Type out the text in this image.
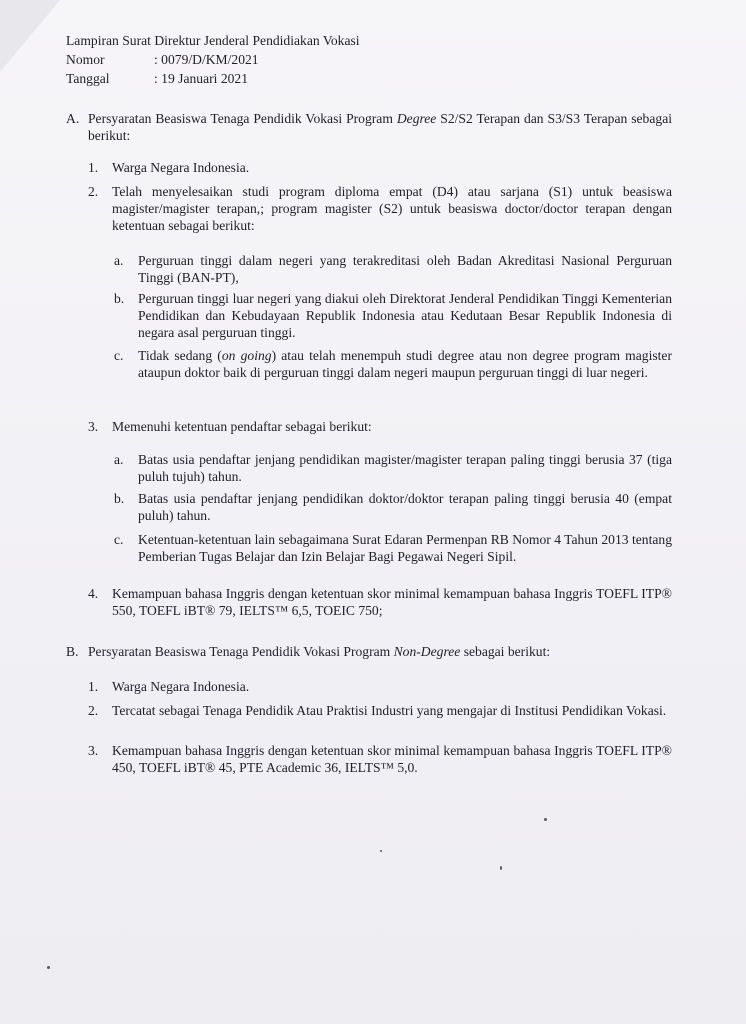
Lampiran Surat Direktur Jenderal Pendidiakan Vokasi
Nomor	: 0079/D/KM/2021
Tanggal	: 19 Januari 2021
A. Persyaratan Beasiswa Tenaga Pendidik Vokasi Program Degree S2/S2 Terapan dan S3/S3 Terapan sebagai berikut:
1.	Warga Negara Indonesia.
2.	Telah menyelesaikan studi program diploma empat (D4) atau sarjana (S1) untuk beasiswa magister/magister terapan,; program magister (S2) untuk beasiswa doctor/doctor terapan dengan ketentuan sebagai berikut:
a.	Perguruan tinggi dalam negeri yang terakreditasi oleh Badan Akreditasi Nasional Perguruan Tinggi (BAN-PT),
b.	Perguruan tinggi luar negeri yang diakui oleh Direktorat Jenderal Pendidikan Tinggi Kementerian Pendidikan dan Kebudayaan Republik Indonesia atau Kedutaan Besar Republik Indonesia di negara asal perguruan tinggi.
c.	Tidak sedang (on going) atau telah menempuh studi degree atau non degree program magister ataupun doktor baik di perguruan tinggi dalam negeri maupun perguruan tinggi di luar negeri.
3.	Memenuhi ketentuan pendaftar sebagai berikut:
a.	Batas usia pendaftar jenjang pendidikan magister/magister terapan paling tinggi berusia 37 (tiga puluh tujuh) tahun.
b.	Batas usia pendaftar jenjang pendidikan doktor/doktor terapan paling tinggi berusia 40 (empat puluh) tahun.
c.	Ketentuan-ketentuan lain sebagaimana Surat Edaran Permenpan RB Nomor 4 Tahun 2013 tentang Pemberian Tugas Belajar dan Izin Belajar Bagi Pegawai Negeri Sipil.
4.	Kemampuan bahasa Inggris dengan ketentuan skor minimal kemampuan bahasa Inggris TOEFL ITP® 550, TOEFL iBT® 79, IELTS™ 6,5, TOEIC 750;
B. Persyaratan Beasiswa Tenaga Pendidik Vokasi Program Non-Degree sebagai berikut:
1.	Warga Negara Indonesia.
2.	Tercatat sebagai Tenaga Pendidik Atau Praktisi Industri yang mengajar di Institusi Pendidikan Vokasi.
3.	Kemampuan bahasa Inggris dengan ketentuan skor minimal kemampuan bahasa Inggris TOEFL ITP® 450, TOEFL iBT® 45, PTE Academic 36, IELTS™ 5,0.
